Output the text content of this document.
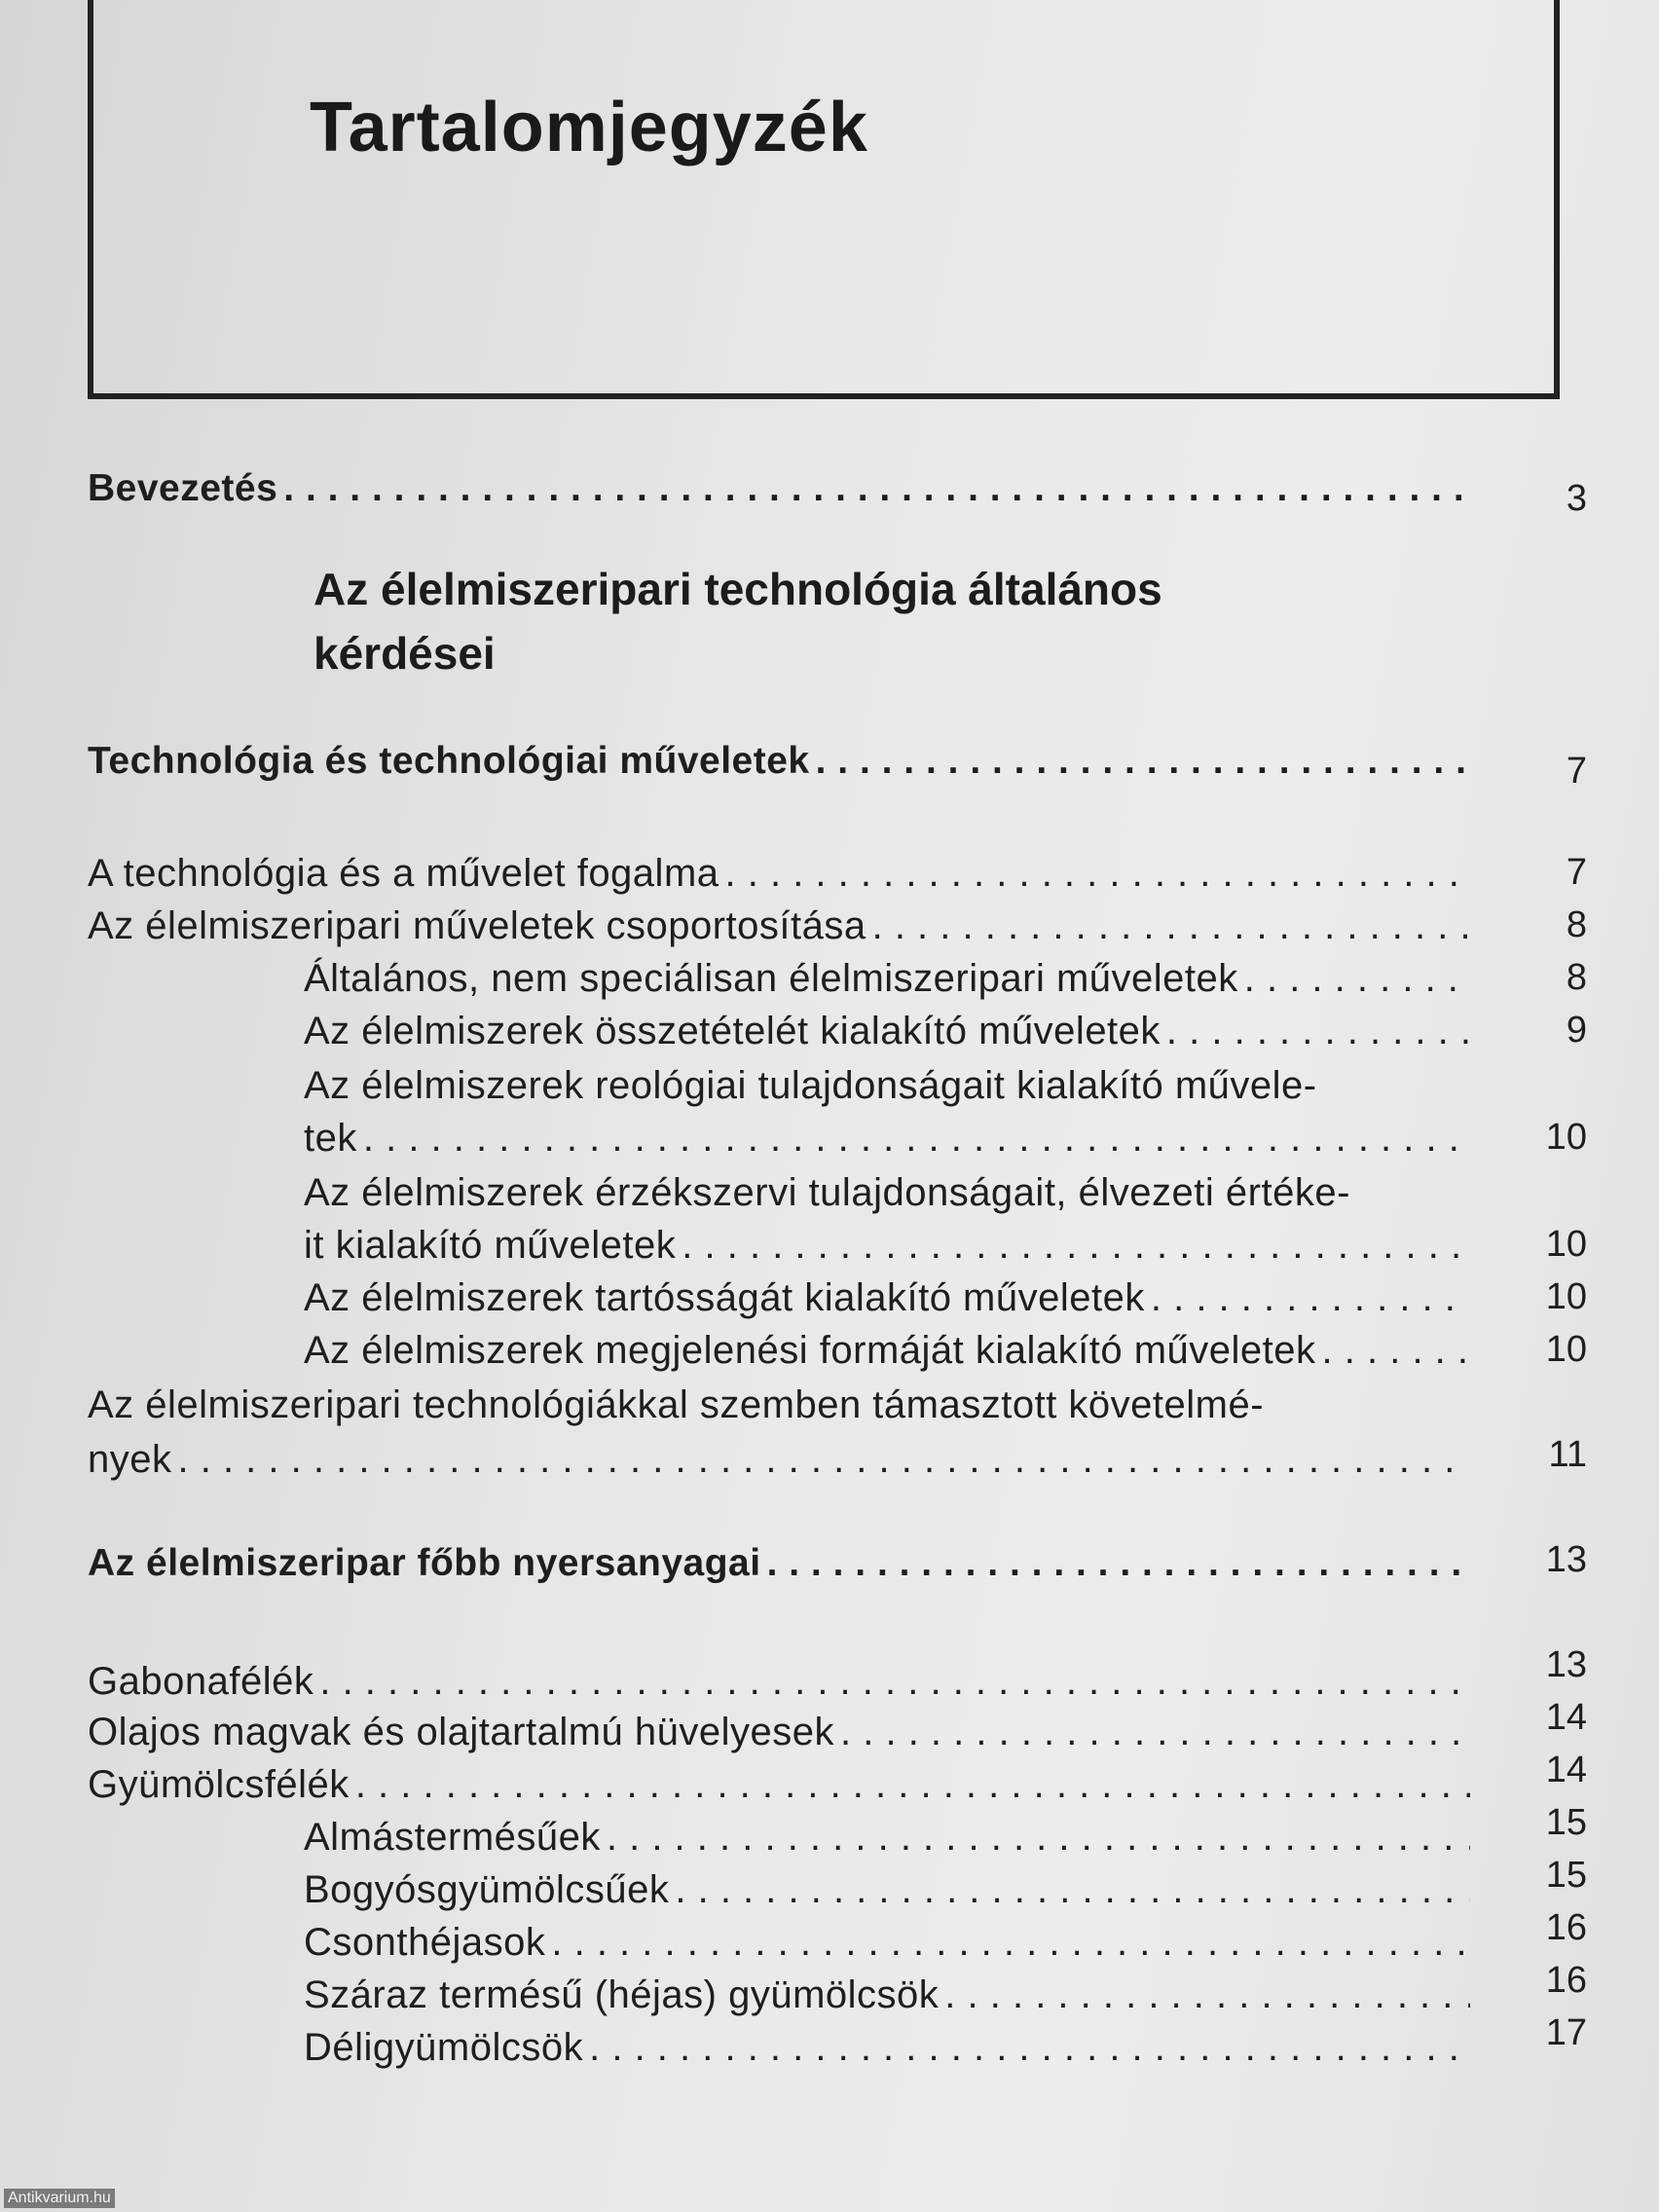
Tartalomjegyzék
Bevezetés . . .	3
Az élelmiszeripari technológia általános
kérdései
Technológia és technológiai műveletek . . .	7
A technológia és a művelet fogalma . . .	7
Az élelmiszeripari műveletek csoportosítása . . .	8
Általános, nem speciálisan élelmiszeripari műveletek . . .	8
Az élelmiszerek összetételét kialakító műveletek . . .	9
Az élelmiszerek reológiai tulajdonságait kialakító művele-
tek . . .	10
Az élelmiszerek érzékszervi tulajdonságait, élvezeti értéke-
it kialakító műveletek . . .	10
Az élelmiszerek tartósságát kialakító műveletek . . .	10
Az élelmiszerek megjelenési formáját kialakító műveletek . . .	10
Az élelmiszeripari technológiákkal szemben támasztott követelmé-
nyek . . .	11
Az élelmiszeripar főbb nyersanyagai . . .	13
Gabonafélék . . .	13
Olajos magvak és olajtartalmú hüvelyesek . . .	14
Gyümölcsfélék . . .	14
Almástermésűek . . .	15
Bogyósgyümölcsűek . . .	15
Csonthéjasok . . .	16
Száraz termésű (héjas) gyümölcsök . . .	16
Déligyümölcsök . . .	17
Antikvarium.hu
